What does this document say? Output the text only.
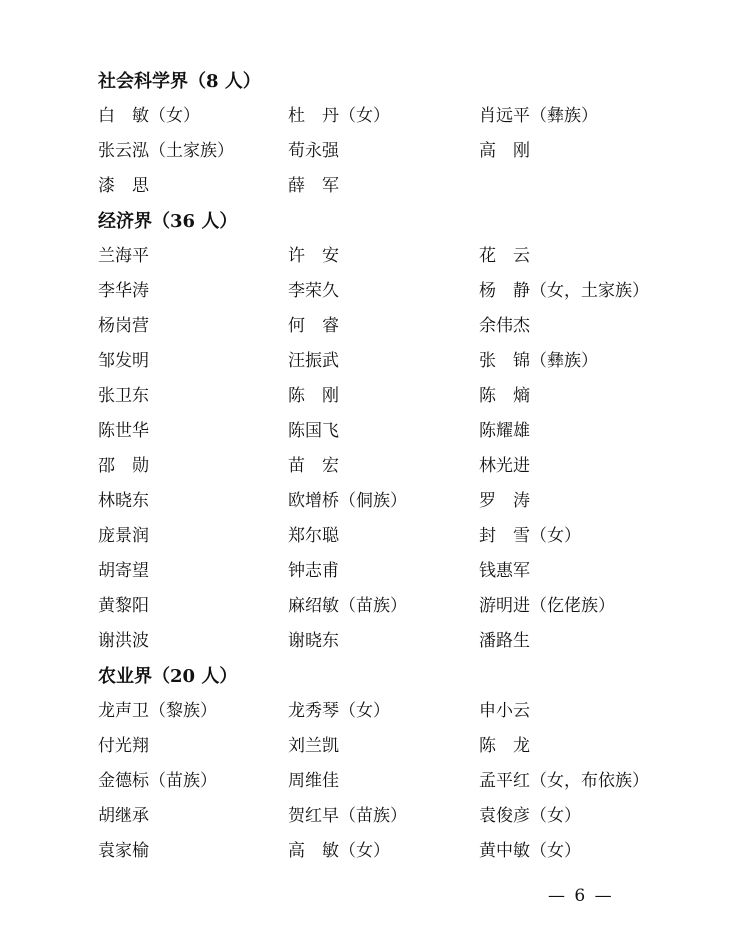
社会科学界（8 人）
白　敏（女）	杜　丹（女）	肖远平（彝族）
张云泓（土家族）	荀永强	高　刚
漆　思	薛　军
经济界（36 人）
兰海平	许　安	花　云
李华涛	李荣久	杨　静（女，土家族）
杨岗营	何　睿	余伟杰
邹发明	汪振武	张　锦（彝族）
张卫东	陈　刚	陈　熵
陈世华	陈国飞	陈耀雄
邵　勋	苗　宏	林光进
林晓东	欧增桥（侗族）	罗　涛
庞景润	郑尔聪	封　雪（女）
胡寄望	钟志甫	钱惠军
黄黎阳	麻绍敏（苗族）	游明进（仡佬族）
谢洪波	谢晓东	潘路生
农业界（20 人）
龙声卫（黎族）	龙秀琴（女）	申小云
付光翔	刘兰凯	陈　龙
金德标（苗族）	周维佳	孟平红（女，布依族）
胡继承	贺红早（苗族）	袁俊彦（女）
袁家榆	高　敏（女）	黄中敏（女）
— 6 —
